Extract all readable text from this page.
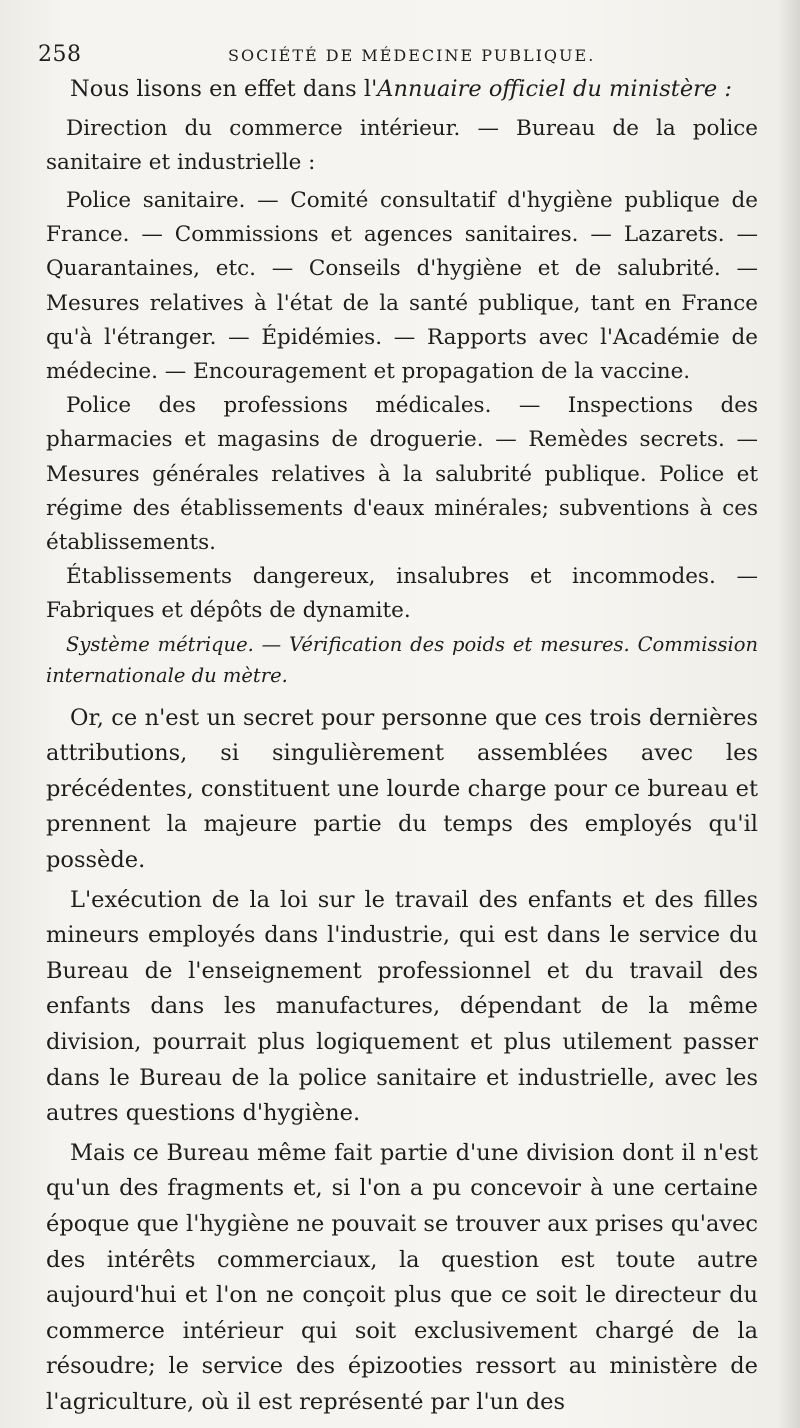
258	SOCIÉTÉ DE MÉDECINE PUBLIQUE.

Nous lisons en effet dans l'Annuaire officiel du ministère :

Direction du commerce intérieur. — Bureau de la police sanitaire et industrielle :

Police sanitaire. — Comité consultatif d'hygiène publique de France. — Commissions et agences sanitaires. — Lazarets. — Quarantaines, etc. — Conseils d'hygiène et de salubrité. — Mesures relatives à l'état de la santé publique, tant en France qu'à l'étranger. — Épidémies. — Rapports avec l'Académie de médecine. — Encouragement et propagation de la vaccine.

Police des professions médicales. — Inspections des pharmacies et magasins de droguerie. — Remèdes secrets. — Mesures générales relatives à la salubrité publique. Police et régime des établissements d'eaux minérales; subventions à ces établissements.

Établissements dangereux, insalubres et incommodes. — Fabriques et dépôts de dynamite.

Système métrique. — Vérification des poids et mesures. Commission internationale du mètre.

Or, ce n'est un secret pour personne que ces trois dernières attributions, si singulièrement assemblées avec les précédentes, constituent une lourde charge pour ce bureau et prennent la majeure partie du temps des employés qu'il possède.

L'exécution de la loi sur le travail des enfants et des filles mineurs employés dans l'industrie, qui est dans le service du Bureau de l'enseignement professionnel et du travail des enfants dans les manufactures, dépendant de la même division, pourrait plus logiquement et plus utilement passer dans le Bureau de la police sanitaire et industrielle, avec les autres questions d'hygiène.

Mais ce Bureau même fait partie d'une division dont il n'est qu'un des fragments et, si l'on a pu concevoir à une certaine époque que l'hygiène ne pouvait se trouver aux prises qu'avec des intérêts commerciaux, la question est toute autre aujourd'hui et l'on ne conçoit plus que ce soit le directeur du commerce intérieur qui soit exclusivement chargé de la résoudre; le service des épizooties ressort au ministère de l'agriculture, où il est représenté par l'un des
